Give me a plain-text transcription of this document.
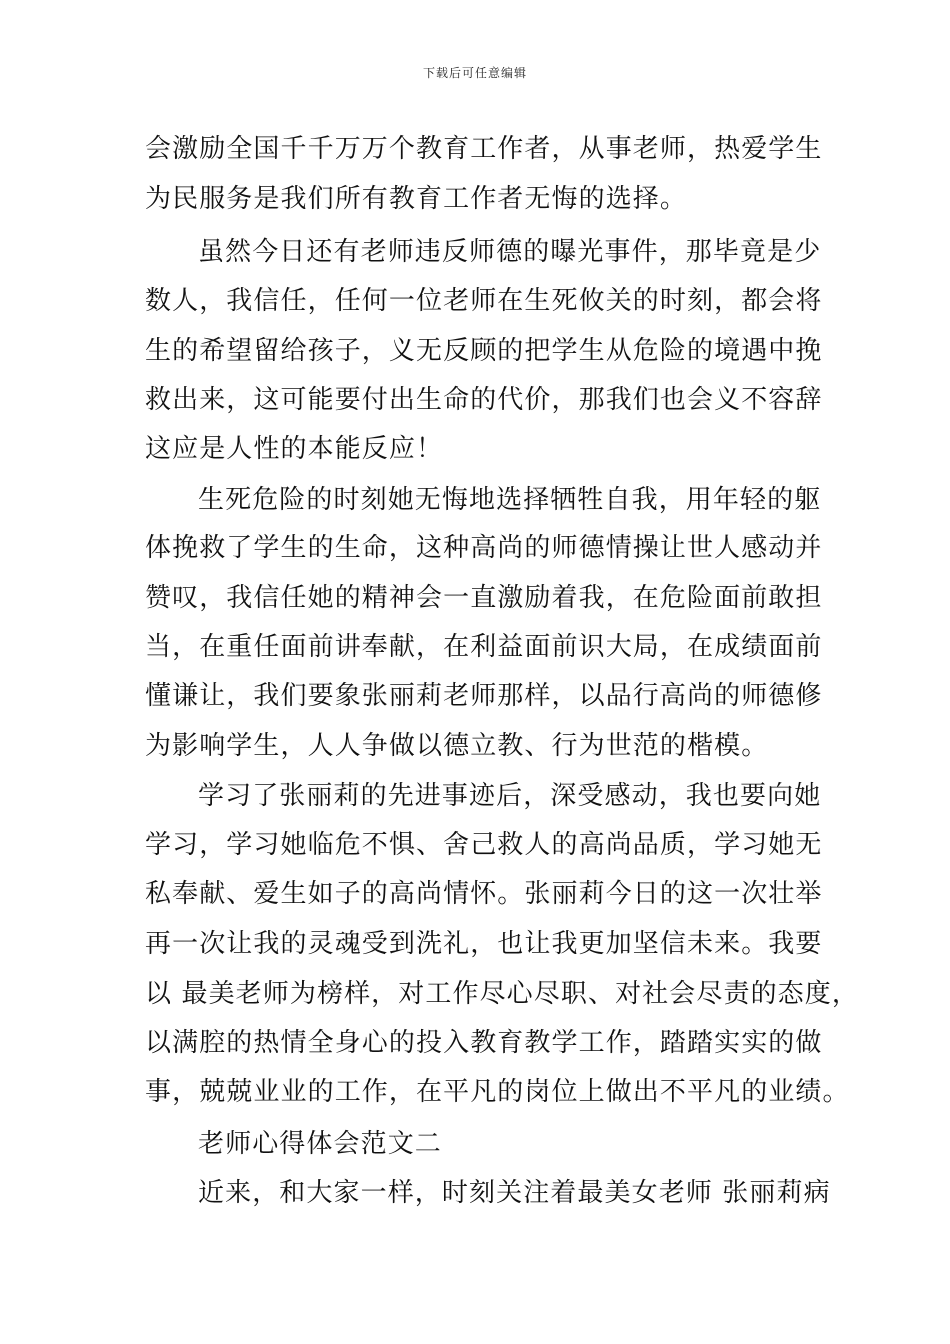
下载后可任意编辑
会激励全国千千万万个教育工作者，从事老师，热爱学生
为民服务是我们所有教育工作者无悔的选择。
虽然今日还有老师违反师德的曝光事件，那毕竟是少
数人，我信任，任何一位老师在生死攸关的时刻，都会将
生的希望留给孩子，义无反顾的把学生从危险的境遇中挽
救出来，这可能要付出生命的代价，那我们也会义不容辞
这应是人性的本能反应！
生死危险的时刻她无悔地选择牺牲自我，用年轻的躯
体挽救了学生的生命，这种高尚的师德情操让世人感动并
赞叹，我信任她的精神会一直激励着我，在危险面前敢担
当，在重任面前讲奉献，在利益面前识大局，在成绩面前
懂谦让，我们要象张丽莉老师那样，以品行高尚的师德修
为影响学生，人人争做以德立教、行为世范的楷模。
学习了张丽莉的先进事迹后，深受感动，我也要向她
学习，学习她临危不惧、舍己救人的高尚品质，学习她无
私奉献、爱生如子的高尚情怀。张丽莉今日的这一次壮举
再一次让我的灵魂受到洗礼，也让我更加坚信未来。我要
以 最美老师为榜样，对工作尽心尽职、对社会尽责的态度，
以满腔的热情全身心的投入教育教学工作，踏踏实实的做
事，兢兢业业的工作，在平凡的岗位上做出不平凡的业绩。
老师心得体会范文二
近来，和大家一样，时刻关注着最美女老师 张丽莉病
